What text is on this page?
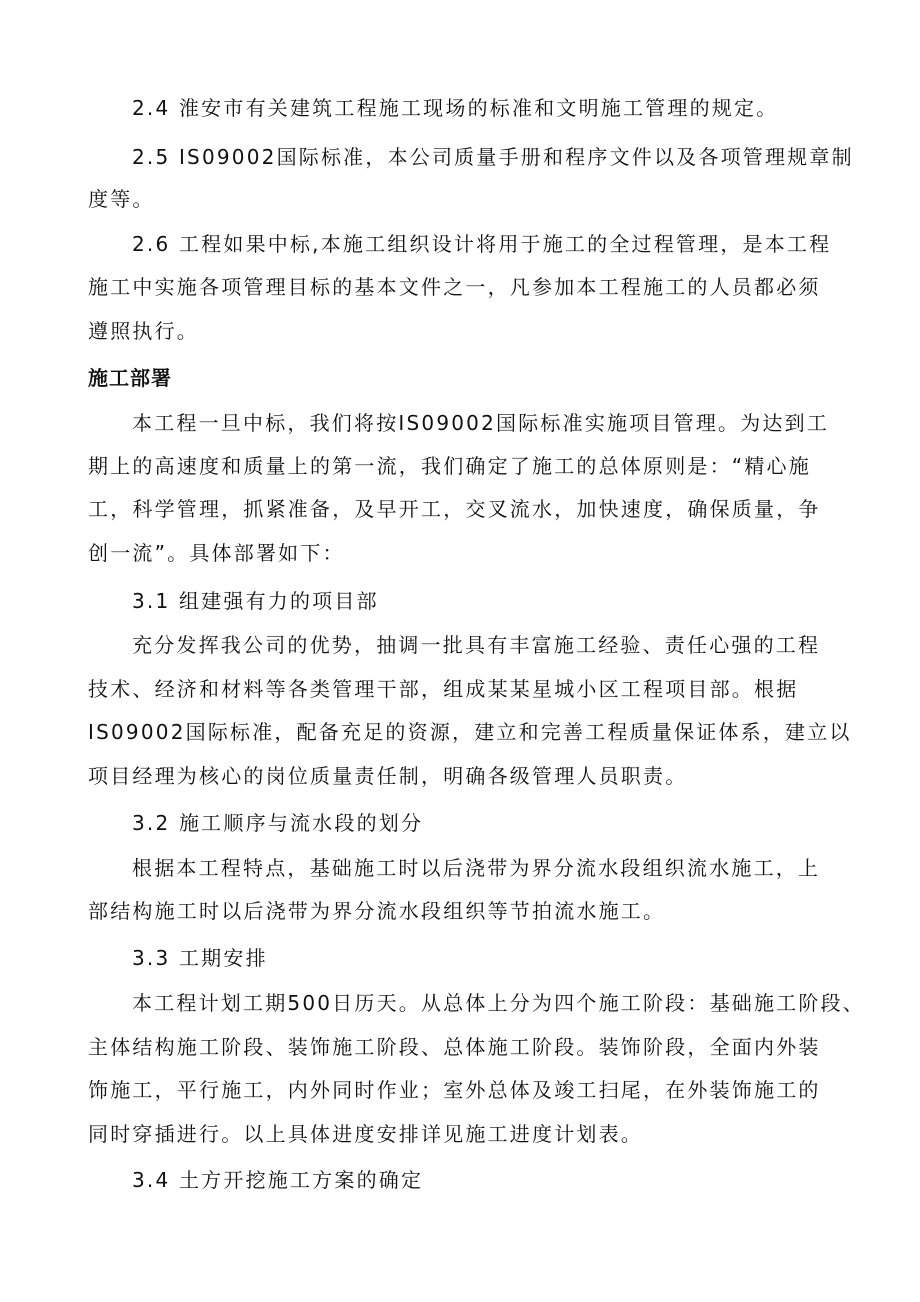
2.4 淮安市有关建筑工程施工现场的标准和文明施工管理的规定。
2.5 IS09002国际标准，本公司质量手册和程序文件以及各项管理规章制
度等。
2.6 工程如果中标,本施工组织设计将用于施工的全过程管理，是本工程
施工中实施各项管理目标的基本文件之一，凡参加本工程施工的人员都必须
遵照执行。
施工部署
本工程一旦中标，我们将按IS09002国际标准实施项目管理。为达到工
期上的高速度和质量上的第一流，我们确定了施工的总体原则是：“精心施
工，科学管理，抓紧准备，及早开工，交叉流水，加快速度，确保质量，争
创一流”。具体部署如下：
3.1 组建强有力的项目部
充分发挥我公司的优势，抽调一批具有丰富施工经验、责任心强的工程
技术、经济和材料等各类管理干部，组成某某星城小区工程项目部。根据
IS09002国际标准，配备充足的资源，建立和完善工程质量保证体系，建立以
项目经理为核心的岗位质量责任制，明确各级管理人员职责。
3.2 施工顺序与流水段的划分
根据本工程特点，基础施工时以后浇带为界分流水段组织流水施工，上
部结构施工时以后浇带为界分流水段组织等节拍流水施工。
3.3 工期安排
本工程计划工期500日历天。从总体上分为四个施工阶段：基础施工阶段、
主体结构施工阶段、装饰施工阶段、总体施工阶段。装饰阶段，全面内外装
饰施工，平行施工，内外同时作业；室外总体及竣工扫尾，在外装饰施工的
同时穿插进行。以上具体进度安排详见施工进度计划表。
3.4 土方开挖施工方案的确定
